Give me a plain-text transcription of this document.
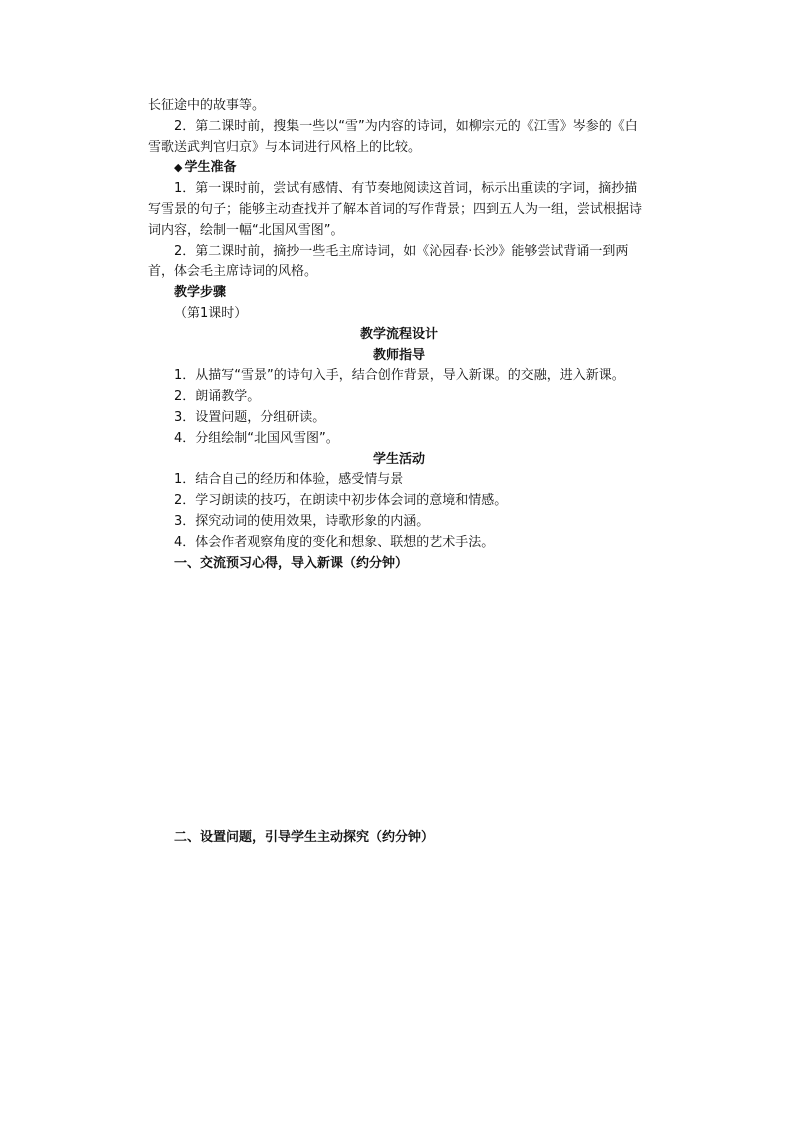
长征途中的故事等。

2．第二课时前，搜集一些以“雪”为内容的诗词，如柳宗元的《江雪》岑参的《白雪歌送武判官归京》与本词进行风格上的比较。

◆ 学生准备

1．第一课时前，尝试有感情、有节奏地阅读这首词，标示出重读的字词，摘抄描写雪景的句子；能够主动查找并了解本首词的写作背景；四到五人为一组，尝试根据诗词内容，绘制一幅“北国风雪图”。

2．第二课时前，摘抄一些毛主席诗词，如《沁园春·长沙》能够尝试背诵一到两首，体会毛主席诗词的风格。

教学步骤

（第1课时）

教学流程设计

教师指导

1．从描写“雪景”的诗句入手，结合创作背景，导入新课。的交融，进入新课。

2．朗诵教学。

3．设置问题，分组研读。

4．分组绘制“北国风雪图”。

学生活动

1．结合自己的经历和体验，感受情与景

2．学习朗读的技巧，在朗读中初步体会词的意境和情感。

3．探究动词的使用效果，诗歌形象的内涵。

4．体会作者观察角度的变化和想象、联想的艺术手法。

一、交流预习心得，导入新课（约分钟）

二、设置问题，引导学生主动探究（约分钟）
